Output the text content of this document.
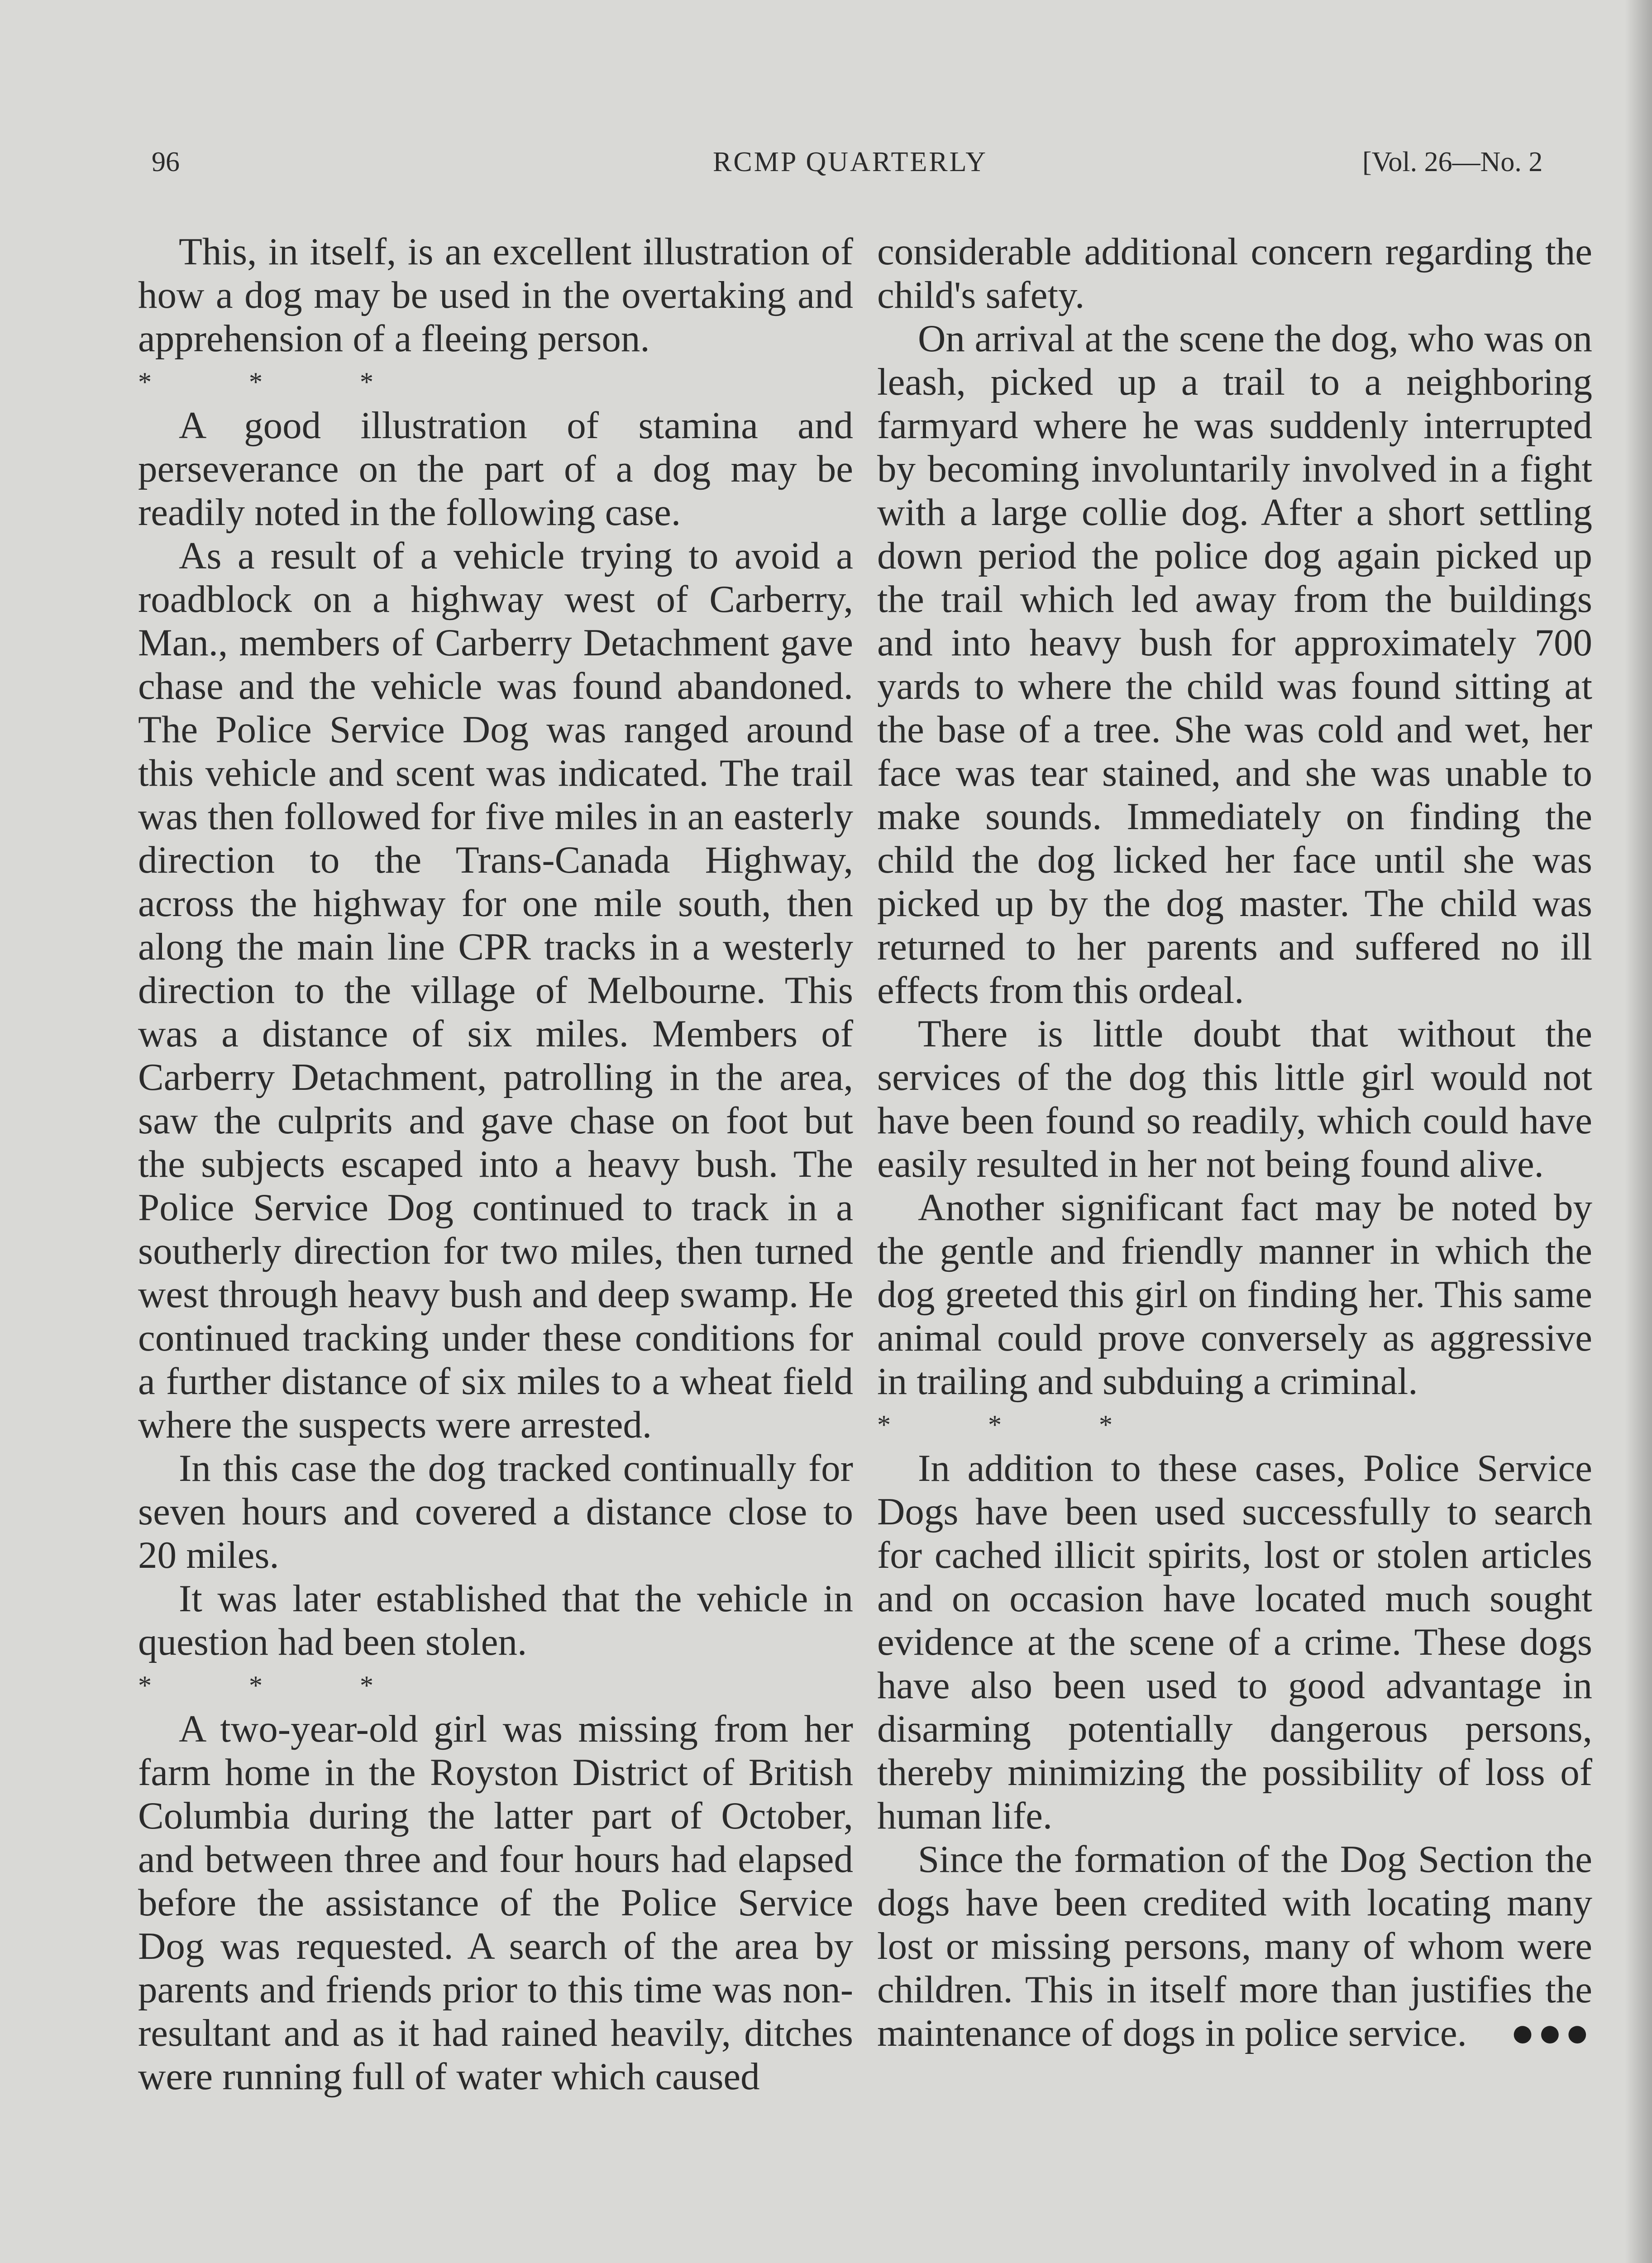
96	RCMP QUARTERLY	[Vol. 26—No. 2

This, in itself, is an excellent illustration of how a dog may be used in the overtaking and apprehension of a fleeing person.

* * *

A good illustration of stamina and perseverance on the part of a dog may be readily noted in the following case.

As a result of a vehicle trying to avoid a roadblock on a highway west of Carberry, Man., members of Carberry Detachment gave chase and the vehicle was found abandoned. The Police Service Dog was ranged around this vehicle and scent was indicated. The trail was then followed for five miles in an easterly direction to the Trans-Canada Highway, across the highway for one mile south, then along the main line CPR tracks in a westerly direction to the village of Melbourne. This was a distance of six miles. Members of Carberry Detachment, patrolling in the area, saw the culprits and gave chase on foot but the subjects escaped into a heavy bush. The Police Service Dog continued to track in a southerly direction for two miles, then turned west through heavy bush and deep swamp. He continued tracking under these conditions for a further distance of six miles to a wheat field where the suspects were arrested.

In this case the dog tracked continually for seven hours and covered a distance close to 20 miles.

It was later established that the vehicle in question had been stolen.

* * *

A two-year-old girl was missing from her farm home in the Royston District of British Columbia during the latter part of October, and between three and four hours had elapsed before the assistance of the Police Service Dog was requested. A search of the area by parents and friends prior to this time was non-resultant and as it had rained heavily, ditches were running full of water which caused

considerable additional concern regarding the child's safety.

On arrival at the scene the dog, who was on leash, picked up a trail to a neighboring farmyard where he was suddenly interrupted by becoming involuntarily involved in a fight with a large collie dog. After a short settling down period the police dog again picked up the trail which led away from the buildings and into heavy bush for approximately 700 yards to where the child was found sitting at the base of a tree. She was cold and wet, her face was tear stained, and she was unable to make sounds. Immediately on finding the child the dog licked her face until she was picked up by the dog master. The child was returned to her parents and suffered no ill effects from this ordeal.

There is little doubt that without the services of the dog this little girl would not have been found so readily, which could have easily resulted in her not being found alive.

Another significant fact may be noted by the gentle and friendly manner in which the dog greeted this girl on finding her. This same animal could prove conversely as aggressive in trailing and subduing a criminal.

* * *

In addition to these cases, Police Service Dogs have been used successfully to search for cached illicit spirits, lost or stolen articles and on occasion have located much sought evidence at the scene of a crime. These dogs have also been used to good advantage in disarming potentially dangerous persons, thereby minimizing the possibility of loss of human life.

Since the formation of the Dog Section the dogs have been credited with locating many lost or missing persons, many of whom were children. This in itself more than justifies the maintenance of dogs in police service.	●●●
